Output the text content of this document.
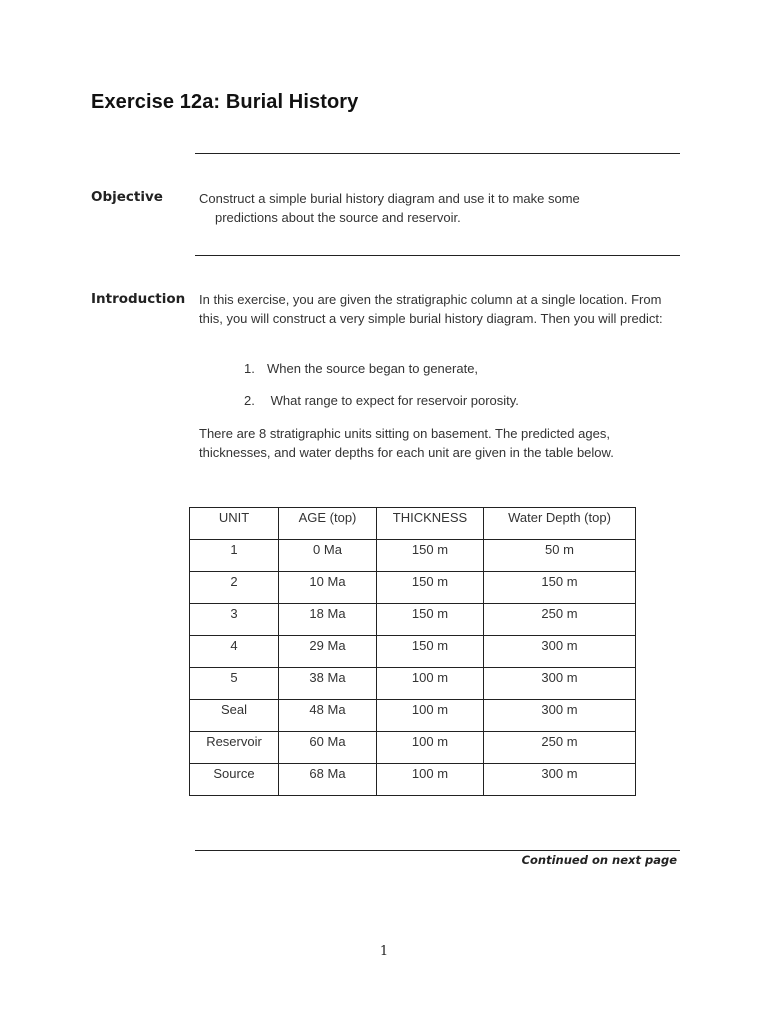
Exercise 12a: Burial History
Objective	Construct a simple burial history diagram and use it to make some
predictions about the source and reservoir.
Introduction In this exercise, you are given the stratigraphic column at a single location. From this, you will construct a very simple burial history diagram. Then you will predict:
1. When the source began to generate,
2. What range to expect for reservoir porosity.
There are 8 stratigraphic units sitting on basement. The predicted ages, thicknesses, and water depths for each unit are given in the table below.
UNIT	AGE (top)	THICKNESS	Water Depth (top)
1	0 Ma	150 m	50 m
2	10 Ma	150 m	150 m
3	18 Ma	150 m	250 m
4	29 Ma	150 m	300 m
5	38 Ma	100 m	300 m
Seal	48 Ma	100 m	300 m
Reservoir	60 Ma	100 m	250 m
Source	68 Ma	100 m	300 m
Continued on next page
1
